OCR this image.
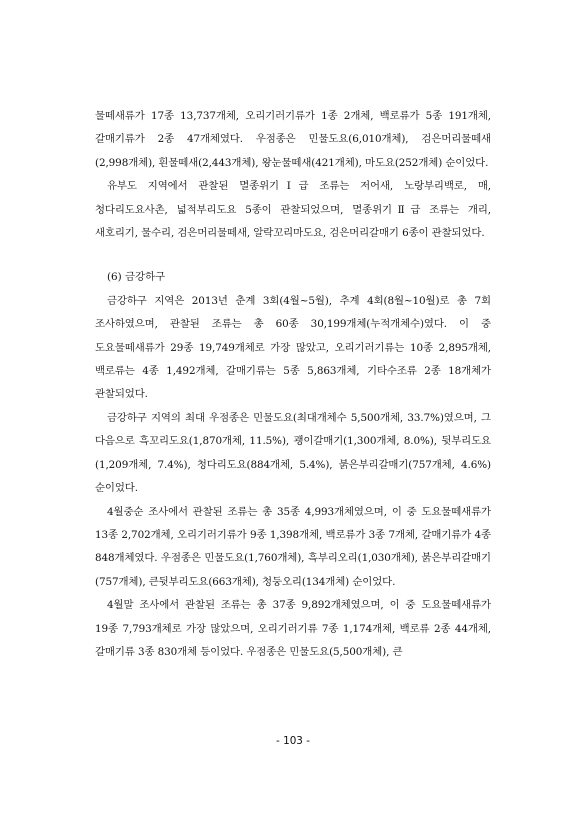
물떼새류가 17종 13,737개체, 오리기러기류가 1종 2개체, 백로류가 5종 191개체, 갈매기류가 2종 47개체였다. 우점종은 민물도요(6,010개체), 검은머리물떼새(2,998개체), 흰물떼새(2,443개체), 왕눈물떼새(421개체), 마도요(252개체) 순이었다.

유부도 지역에서 관찰된 멸종위기Ⅰ급 조류는 저어새, 노랑부리백로, 매, 청다리도요사촌, 넓적부리도요 5종이 관찰되었으며, 멸종위기Ⅱ급 조류는 개리, 새호리기, 물수리, 검은머리물떼새, 알락꼬리마도요, 검은머리갈매기 6종이 관찰되었다.

(6) 금강하구

금강하구 지역은 2013년 춘계 3회(4월~5월), 추계 4회(8월~10월)로 총 7회 조사하였으며, 관찰된 조류는 총 60종 30,199개체(누적개체수)였다. 이 중 도요물떼새류가 29종 19,749개체로 가장 많았고, 오리기러기류는 10종 2,895개체, 백로류는 4종 1,492개체, 갈매기류는 5종 5,863개체, 기타수조류 2종 18개체가 관찰되었다.

금강하구 지역의 최대 우점종은 민물도요(최대개체수 5,500개체, 33.7%)였으며, 그 다음으로 흑꼬리도요(1,870개체, 11.5%), 괭이갈매기(1,300개체, 8.0%), 뒷부리도요(1,209개체, 7.4%), 청다리도요(884개체, 5.4%), 붉은부리갈매기(757개체, 4.6%) 순이었다.

4월중순 조사에서 관찰된 조류는 총 35종 4,993개체였으며, 이 중 도요물떼새류가 13종 2,702개체, 오리기러기류가 9종 1,398개체, 백로류가 3종 7개체, 갈매기류가 4종 848개체였다. 우점종은 민물도요(1,760개체), 흑부리오리(1,030개체), 붉은부리갈매기(757개체), 큰뒷부리도요(663개체), 청둥오리(134개체) 순이었다.

4월말 조사에서 관찰된 조류는 총 37종 9,892개체였으며, 이 중 도요물떼새류가 19종 7,793개체로 가장 많았으며, 오리기러기류 7종 1,174개체, 백로류 2종 44개체, 갈매기류 3종 830개체 등이었다. 우점종은 민물도요(5,500개체), 큰

- 103 -
